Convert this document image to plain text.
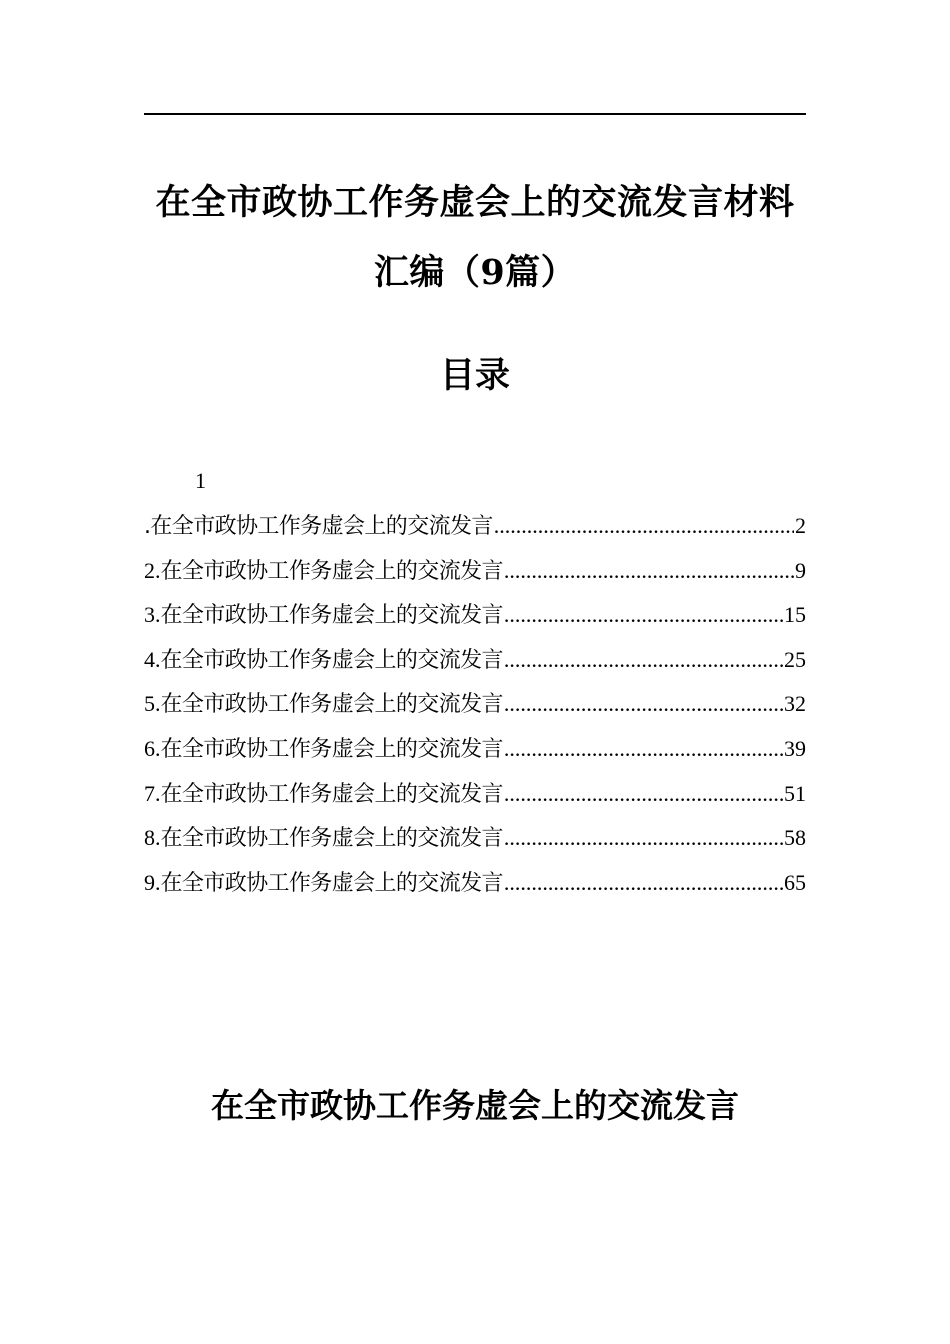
在全市政协工作务虚会上的交流发言材料
汇编（9篇）
目录
1
.在全市政协工作务虚会上的交流发言 .....	2
2. 在全市政协工作务虚会上的交流发言 .....	9
3. 在全市政协工作务虚会上的交流发言 .....	15
4. 在全市政协工作务虚会上的交流发言 .....	25
5. 在全市政协工作务虚会上的交流发言 .....	32
6. 在全市政协工作务虚会上的交流发言 .....	39
7. 在全市政协工作务虚会上的交流发言 .....	51
8. 在全市政协工作务虚会上的交流发言 .....	58
9. 在全市政协工作务虚会上的交流发言 .....	65
在全市政协工作务虚会上的交流发言
